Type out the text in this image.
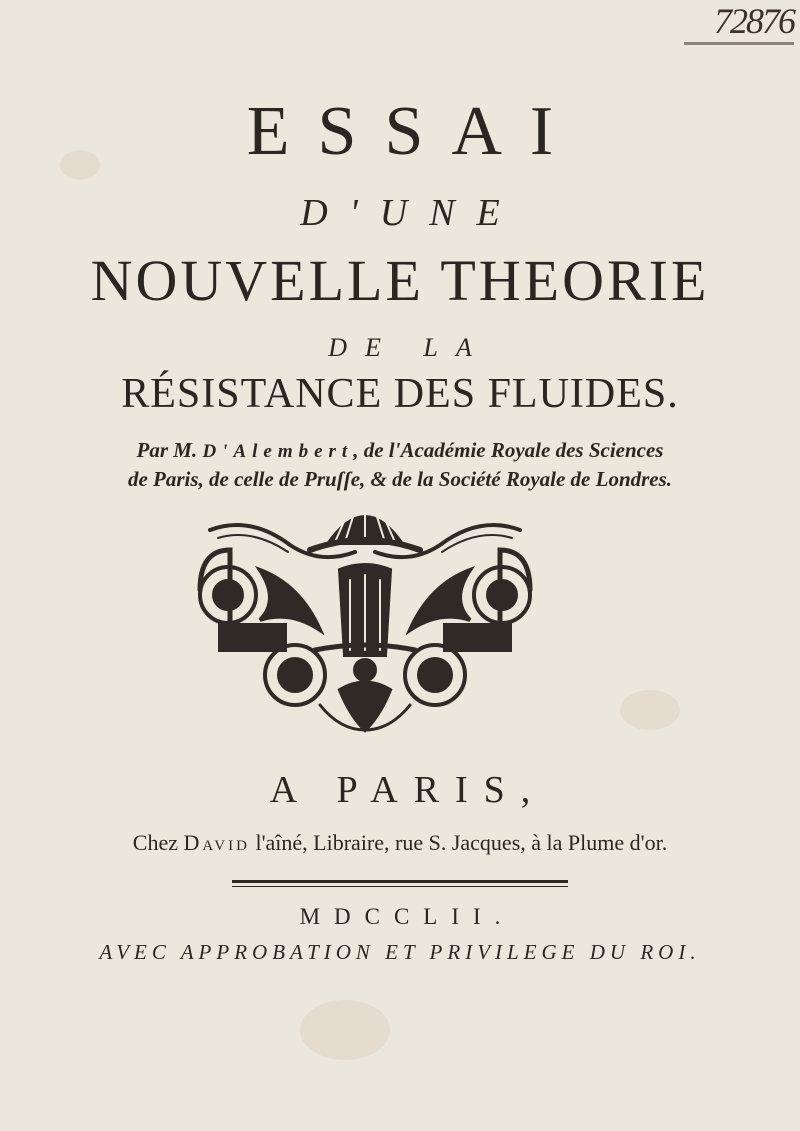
72876
ESSAI
D'UNE
NOUVELLE THEORIE
DE LA
RÉSISTANCE DES FLUIDES.
Par M. D'Alembert, de l'Académie Royale des Sciences
de Paris, de celle de Pruſſe, & de la Société Royale de Londres.
A PARIS,
Chez David l'aîné, Libraire, rue S. Jacques, à la Plume d'or.
MDCCLII.
AVEC APPROBATION ET PRIVILEGE DU ROI.
